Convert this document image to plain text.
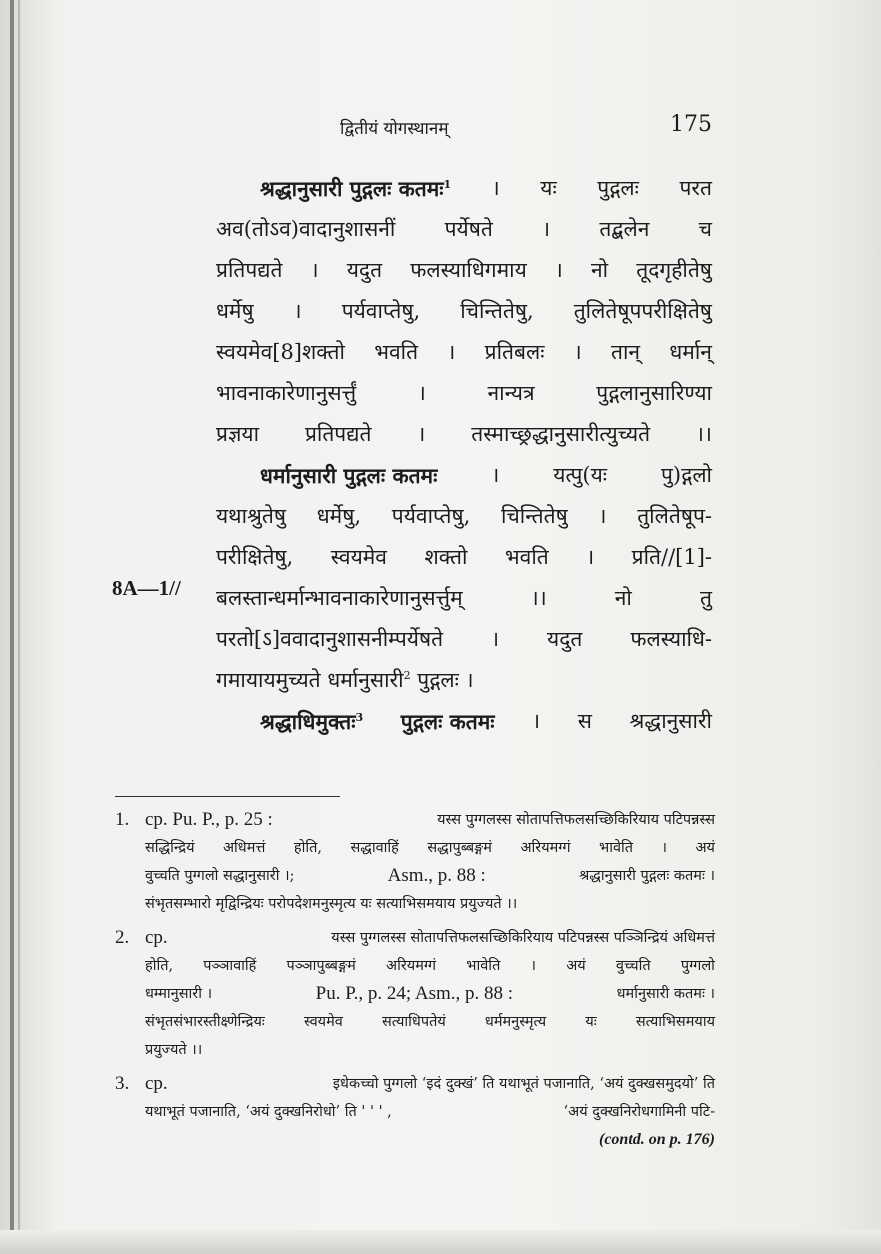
द्वितीयं योगस्थानम्	175
8A—1//
श्रद्धानुसारी पुद्गलः कतमः$^1$ । यः पुद्गलः परत
अव(तोऽव)वादानुशासनीं पर्येषते । तद्बलेन च
प्रतिपद्यते । यदुत फलस्याधिगमाय । नो तूदगृहीतेषु
धर्मेषु । पर्यवाप्तेषु, चिन्तितेषु, तुलितेषूपपरीक्षितेषु
स्वयमेव[8]शक्तो भवति । प्रतिबलः । तान् धर्मान्
भावनाकारेणानुसर्त्तुं	।	नान्यत्र	पुद्गलानुसारिण्या
प्रज्ञया प्रतिपद्यते । तस्माच्छ्रद्धानुसारीत्युच्यते ।।
धर्मानुसारी पुद्गलः कतमः	।	यत्पु(यः	पु)द्गलो
यथाश्रुतेषु धर्मेषु, पर्यवाप्तेषु, चिन्तितेषु । तुलितेषूप-
परीक्षितेषु, स्वयमेव शक्तो भवति । प्रति//[1]-
बलस्तान्धर्मान्भावनाकारेणानुसर्त्तुम्	।।	नो	तु
परतो[ऽ]ववादानुशासनीम्पर्येषते । यदुत फलस्याधि-
गमायायमुच्यते
धर्मानुसारी$^2$
पुद्गलः
।
श्रद्धाधिमुक्तः$^3$ पुद्गलः कतमः । स श्रद्धानुसारी
1. cp. Pu. P., p. 25 :	यस्स पुग्गलस्स सोतापत्तिफलसच्छिकिरियाय पटिपन्नस्स
सद्धिन्द्रियं अधिमत्तं होति, सद्धावाहिं सद्धापुब्बङ्गमं अरियमग्गं भावेति । अयं
वुच्चति पुग्गलो सद्धानुसारी ।;	Asm., p. 88 :	श्रद्धानुसारी पुद्गलः कतमः ।
संभृतसम्भारो मृद्विन्द्रियः परोपदेशमनुस्मृत्य यः सत्याभिसमयाय प्रयुज्यते ।।
2. cp.	यस्स पुग्गलस्स सोतापत्तिफलसच्छिकिरियाय पटिपन्नस्स पञ्ञिन्द्रियं अधिमत्तं
होति, पञ्ञावाहिं पञ्ञापुब्बङ्गमं अरियमग्गं भावेति । अयं वुच्चति पुग्गलो
धम्मानुसारी ।	Pu. P., p. 24; Asm., p. 88 :	धर्मानुसारी कतमः ।
संभृतसंभारस्तीक्ष्णेन्द्रियः	स्वयमेव	सत्याधिपतेयं	धर्ममनुस्मृत्य	यः	सत्याभिसमयाय
प्रयुज्यते ।।
3. cp.	इधेकच्चो पुग्गलो ‘इदं दुक्खं’ ति यथाभूतं पजानाति, ‘अयं दुक्खसमुदयो’ ति
यथाभूतं पजानाति, ‘अयं दुक्खनिरोधो’ ति ' ' ' ,	‘अयं दुक्खनिरोधगामिनी पटि-
(contd. on p. 176)
